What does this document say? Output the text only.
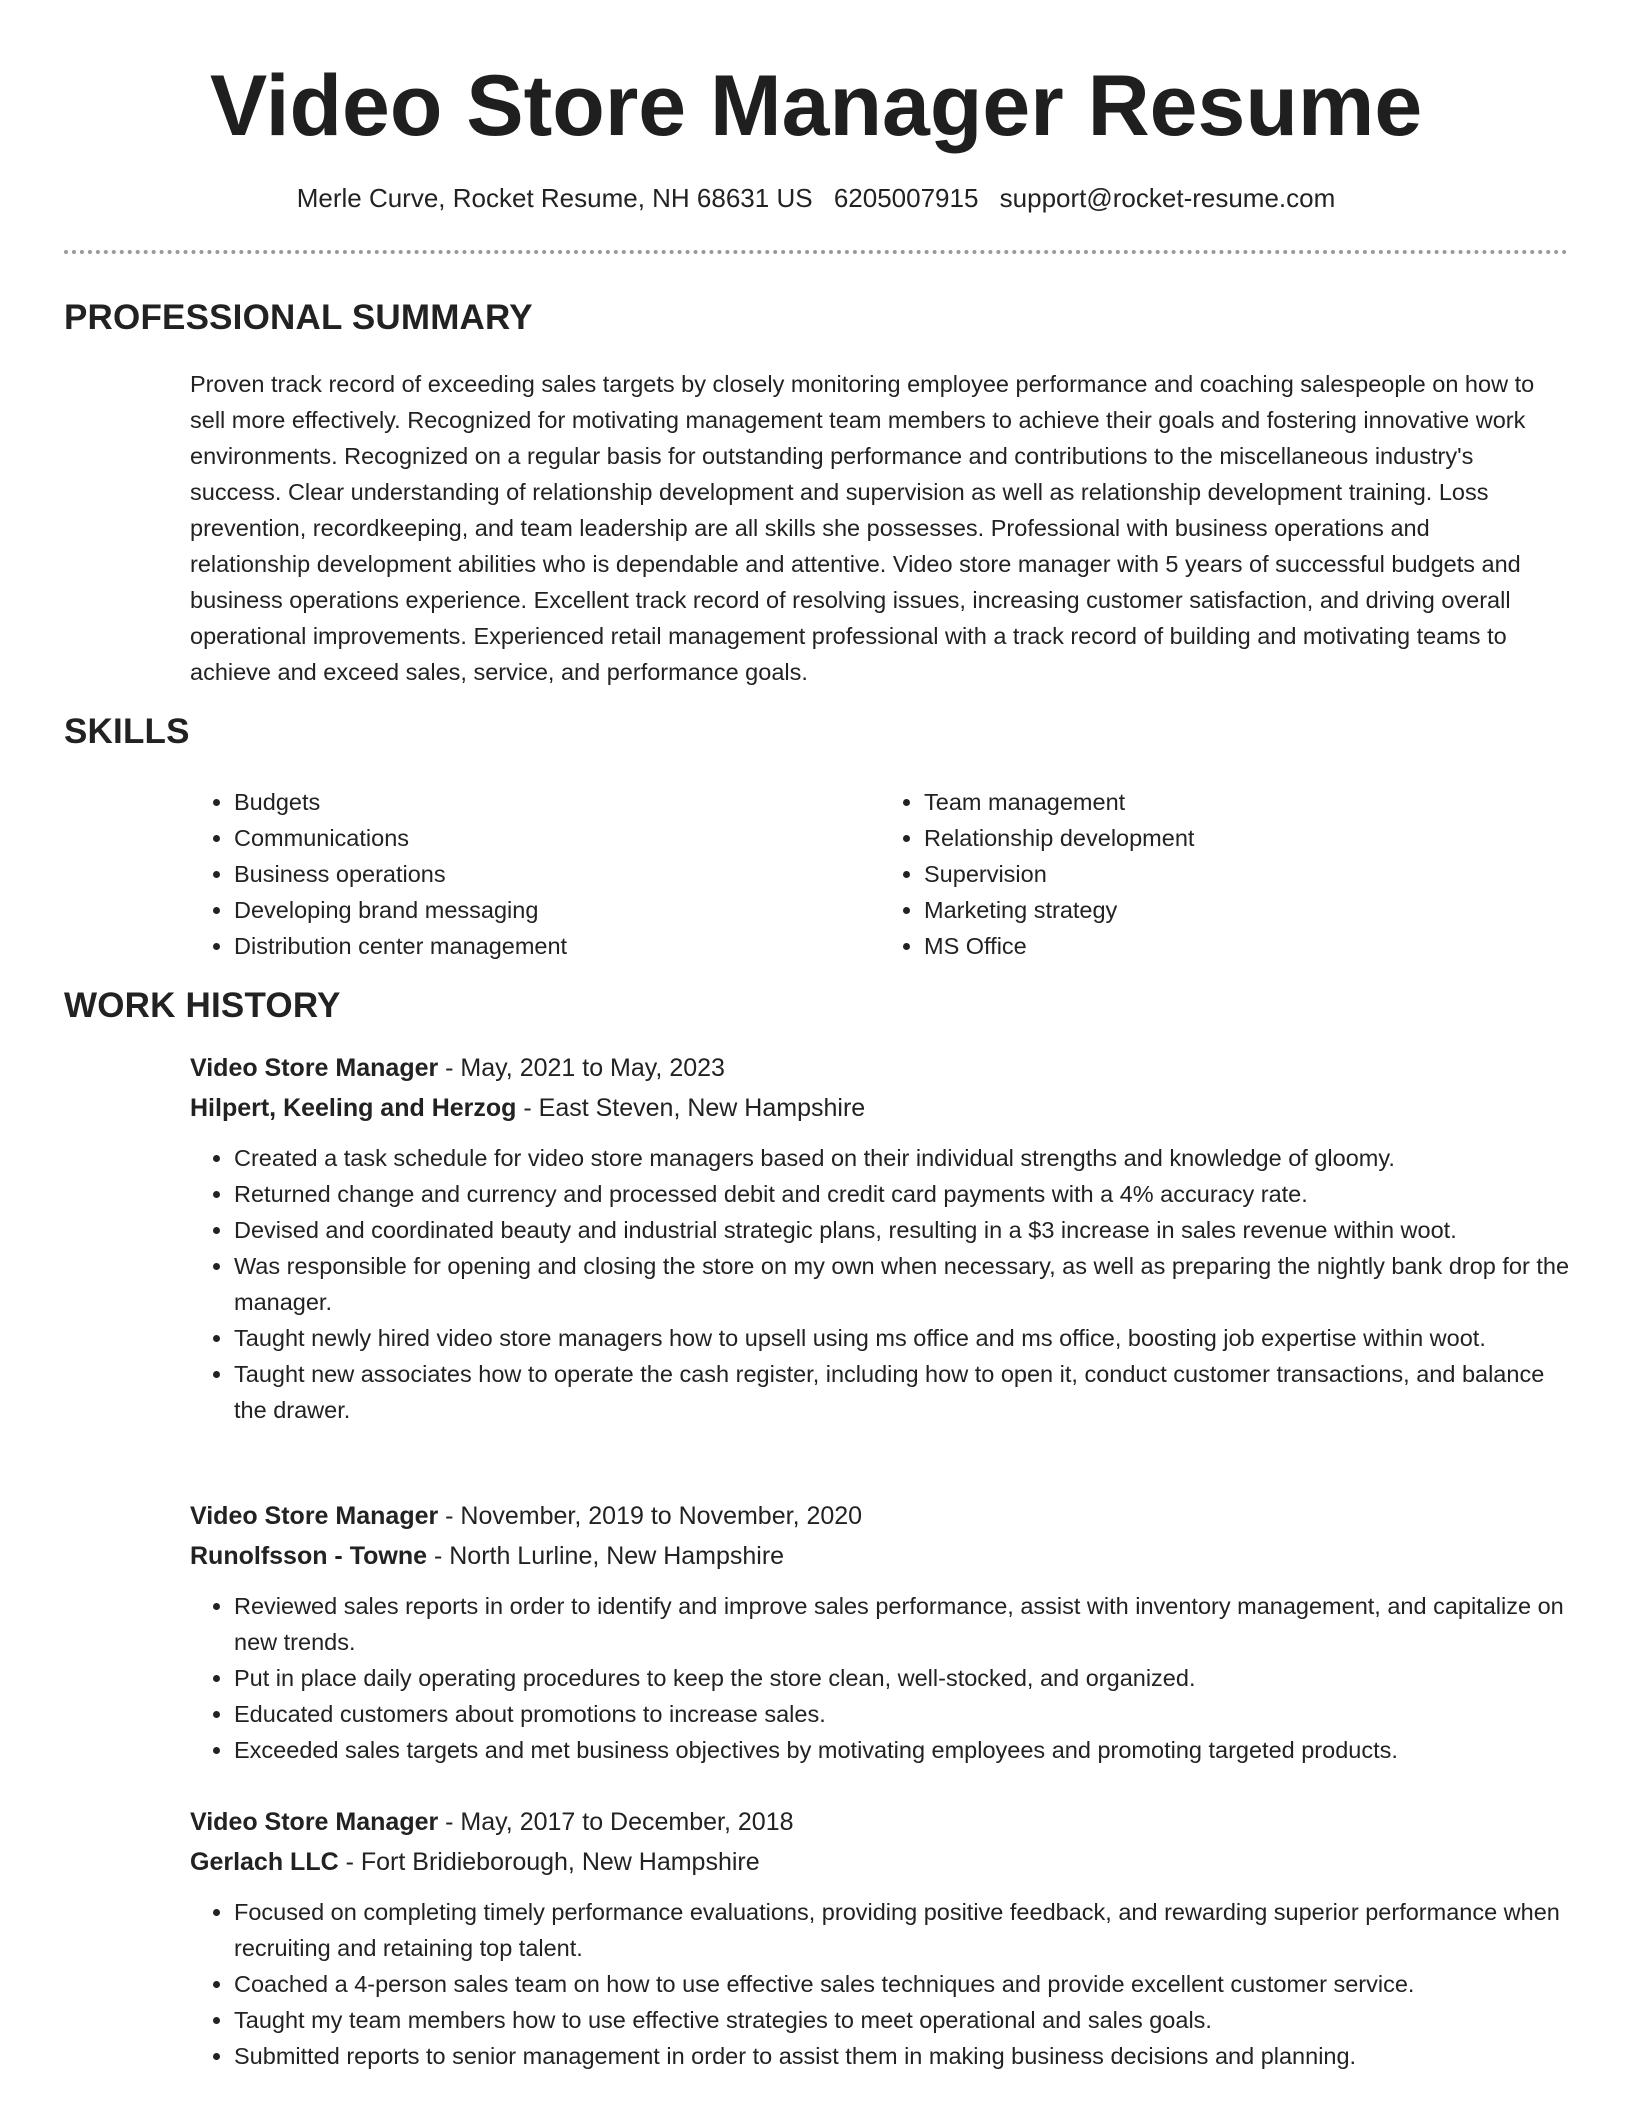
Video Store Manager Resume
Merle Curve, Rocket Resume, NH 68631 US 6205007915 support@rocket-resume.com
PROFESSIONAL SUMMARY

Proven track record of exceeding sales targets by closely monitoring employee performance and coaching salespeople on how to sell more effectively. Recognized for motivating management team members to achieve their goals and fostering innovative work environments. Recognized on a regular basis for outstanding performance and contributions to the miscellaneous industry's success. Clear understanding of relationship development and supervision as well as relationship development training. Loss prevention, recordkeeping, and team leadership are all skills she possesses. Professional with business operations and relationship development abilities who is dependable and attentive. Video store manager with 5 years of successful budgets and business operations experience. Excellent track record of resolving issues, increasing customer satisfaction, and driving overall operational improvements. Experienced retail management professional with a track record of building and motivating teams to achieve and exceed sales, service, and performance goals.

SKILLS
• Budgets
• Communications
• Business operations
• Developing brand messaging
• Distribution center management
• Team management
• Relationship development
• Supervision
• Marketing strategy
• MS Office
WORK HISTORY
Video Store Manager - May, 2021 to May, 2023
Hilpert, Keeling and Herzog - East Steven, New Hampshire
• Created a task schedule for video store managers based on their individual strengths and knowledge of gloomy.
• Returned change and currency and processed debit and credit card payments with a 4% accuracy rate.
• Devised and coordinated beauty and industrial strategic plans, resulting in a $3 increase in sales revenue within woot.
• Was responsible for opening and closing the store on my own when necessary, as well as preparing the nightly bank drop for the manager.
• Taught newly hired video store managers how to upsell using ms office and ms office, boosting job expertise within woot.
• Taught new associates how to operate the cash register, including how to open it, conduct customer transactions, and balance the drawer.
Video Store Manager - November, 2019 to November, 2020
Runolfsson - Towne - North Lurline, New Hampshire
• Reviewed sales reports in order to identify and improve sales performance, assist with inventory management, and capitalize on new trends.
• Put in place daily operating procedures to keep the store clean, well-stocked, and organized.
• Educated customers about promotions to increase sales.
• Exceeded sales targets and met business objectives by motivating employees and promoting targeted products.
Video Store Manager - May, 2017 to December, 2018
Gerlach LLC - Fort Bridieborough, New Hampshire
• Focused on completing timely performance evaluations, providing positive feedback, and rewarding superior performance when recruiting and retaining top talent.
• Coached a 4-person sales team on how to use effective sales techniques and provide excellent customer service.
• Taught my team members how to use effective strategies to meet operational and sales goals.
• Submitted reports to senior management in order to assist them in making business decisions and planning.
